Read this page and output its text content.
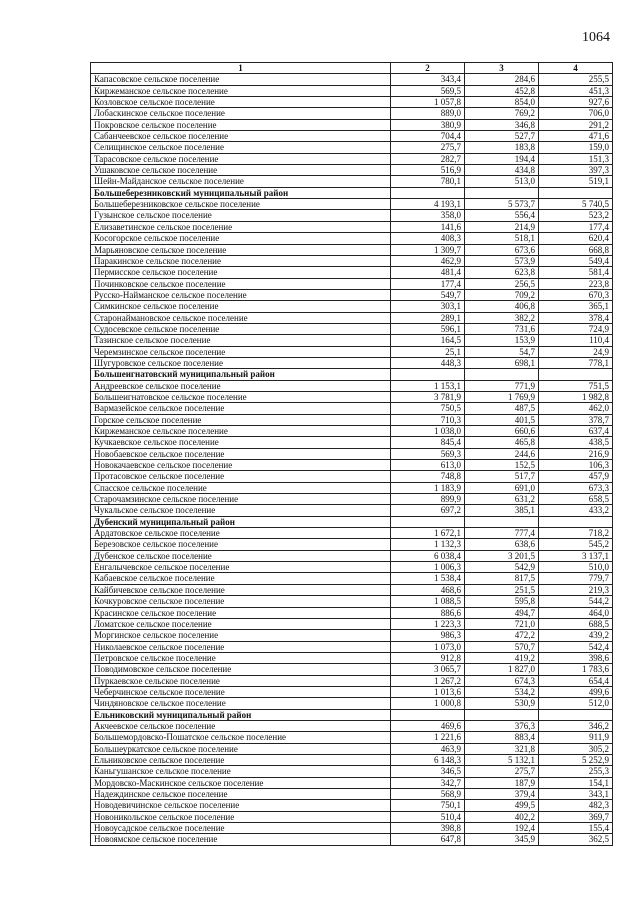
1064
1	2	3	4
Капасовское сельское поселение	343,4	284,6	255,5
Киржеманское сельское поселение	569,5	452,8	451,3
Козловское сельское поселение	1 057,8	854,0	927,6
Лобаскинское сельское поселение	889,0	769,2	706,0
Покровское сельское поселение	380,9	346,8	291,2
Сабанчеевское сельское поселение	704,4	527,7	471,6
Селищинское сельское поселение	275,7	183,8	159,0
Тарасовское сельское поселение	282,7	194,4	151,3
Ушаковское сельское поселение	516,9	434,8	397,3
Шейн-Майданское сельское поселение	780,1	513,0	519,1
Большеберезниковский муниципальный район			
Большеберезниковское сельское поселение	4 193,1	5 573,7	5 740,5
Гузынское сельское поселение	358,0	556,4	523,2
Елизаветинское сельское поселение	141,6	214,9	177,4
Косогорское сельское поселение	408,3	518,1	620,4
Марьяновское сельское поселение	1 309,7	673,6	668,8
Паракинское сельское поселение	462,9	573,9	549,4
Пермисское сельское поселение	481,4	623,8	581,4
Починковское сельское поселение	177,4	256,5	223,8
Русско-Найманское сельское поселение	549,7	709,2	670,3
Симкинское сельское поселение	303,1	406,8	365,1
Старонаймановское сельское поселение	289,1	382,2	378,4
Судосевское сельское поселение	596,1	731,6	724,9
Тазинское сельское поселение	164,5	153,9	110,4
Черемзинское сельское поселение	25,1	54,7	24,9
Шугуровское сельское поселение	448,3	698,1	778,1
Большеигнатовский муниципальный район			
Андреевское сельское поселение	1 153,1	771,9	751,5
Большеигнатовское сельское поселение	3 781,9	1 769,9	1 982,8
Вармазейское сельское поселение	750,5	487,5	462,0
Горское сельское поселение	710,3	401,5	378,7
Киржеманское сельское поселение	1 038,0	660,6	637,4
Кучкаевское сельское поселение	845,4	465,8	438,5
Новобаевское сельское поселение	569,3	244,6	216,9
Новокачаевское сельское поселение	613,0	152,5	106,3
Протасовское сельское поселение	748,8	517,7	457,9
Спасское сельское поселение	1 183,9	691,0	673,3
Старочамзинское сельское поселение	899,9	631,2	658,5
Чукальское сельское поселение	697,2	385,1	433,2
Дубенский муниципальный район			
Ардатовское сельское поселение	1 672,1	777,4	718,2
Березовское сельское поселение	1 132,3	638,6	545,2
Дубенское сельское поселение	6 038,4	3 201,5	3 137,1
Енгалычевское сельское поселение	1 006,3	542,9	510,0
Кабаевское сельское поселение	1 538,4	817,5	779,7
Кайбичевское сельское поселение	468,6	251,5	219,3
Кочкуровское сельское поселение	1 088,5	595,8	544,2
Красинское сельское поселение	886,6	494,7	464,0
Ломатское сельское поселение	1 223,3	721,0	688,5
Моргинское сельское поселение	986,3	472,2	439,2
Николаевское сельское поселение	1 073,0	570,7	542,4
Петровское сельское поселение	912,8	419,2	398,6
Поводимовское сельское поселение	3 065,7	1 827,0	1 783,6
Пуркаевское сельское поселение	1 267,2	674,3	654,4
Чеберчинское сельское поселение	1 013,6	534,2	499,6
Чиндяновское сельское поселение	1 000,8	530,9	512,0
Ельниковский муниципальный район			
Акчеевское сельское поселение	469,6	376,3	346,2
Большемордовско-Пошатское сельское поселение	1 221,6	883,4	911,9
Большеуркатское сельское поселение	463,9	321,8	305,2
Ельниковское сельское поселение	6 148,3	5 132,1	5 252,9
Каньгушанское сельское поселение	346,5	275,7	255,3
Мордовско-Маскинское сельское поселение	342,7	187,9	154,1
Надеждинское сельское поселение	568,9	379,4	343,1
Новодевичинское сельское поселение	750,1	499,5	482,3
Новоникольское сельское поселение	510,4	402,2	369,7
Новоусадское сельское поселение	398,8	192,4	155,4
Новоямское сельское поселение	647,8	345,9	362,5
